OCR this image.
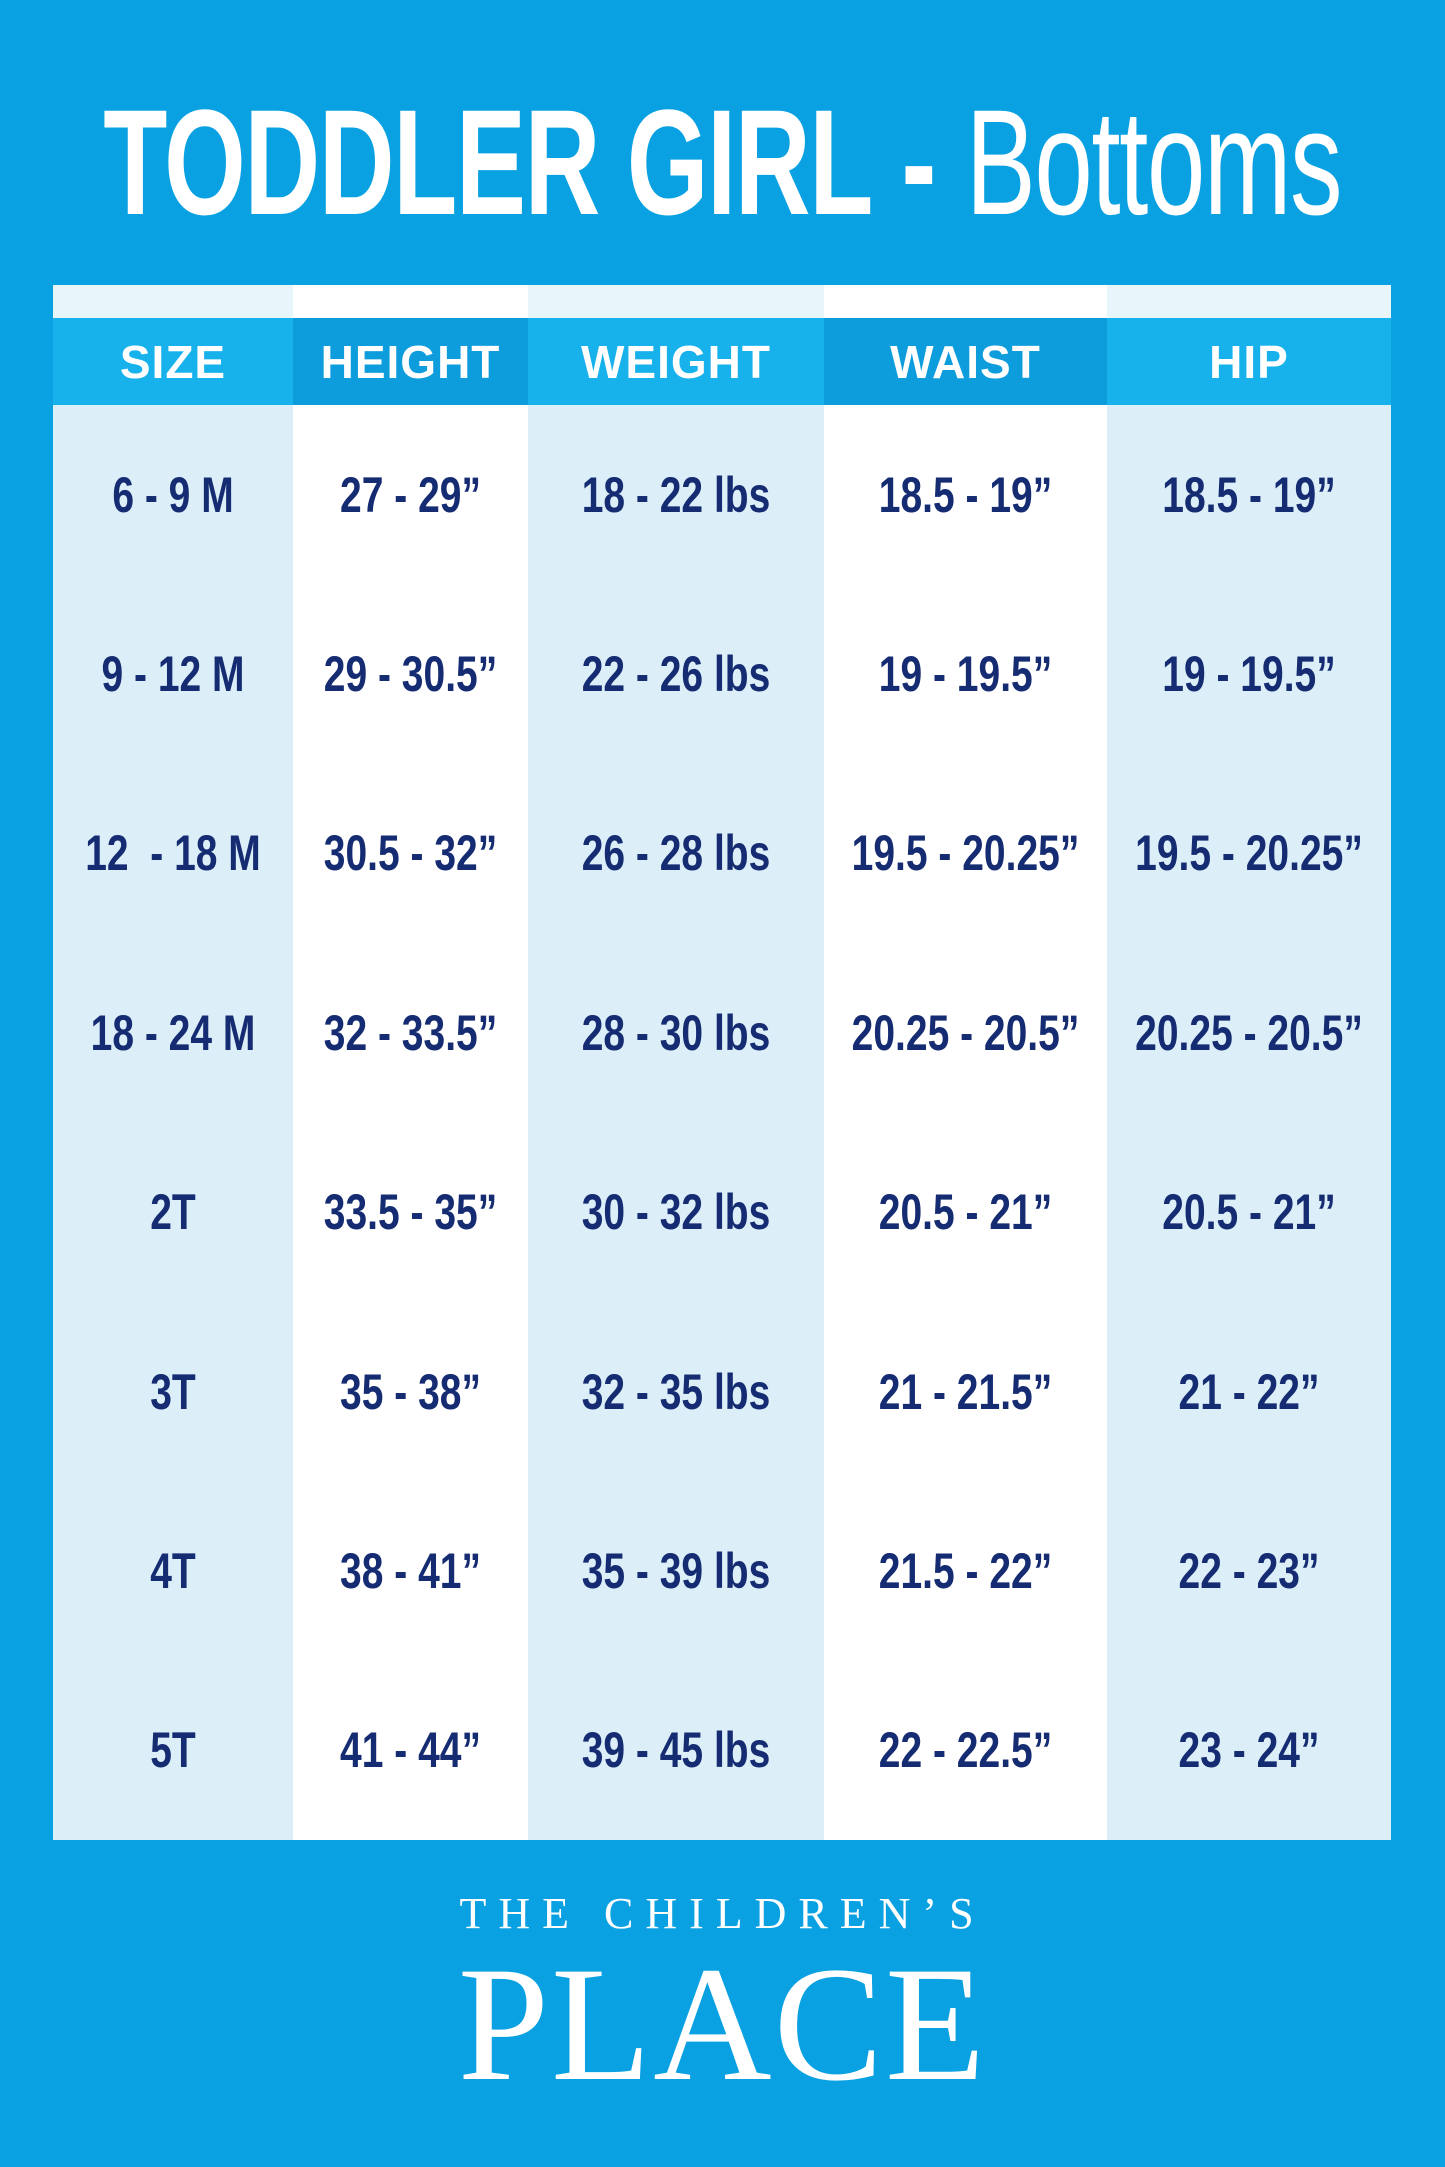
TODDLER GIRL - Bottoms
SIZE
6 - 9 M
9 - 12 M
12  - 18 M
18 - 24 M
2T
3T
4T
5T
HEIGHT
27 - 29”
29 - 30.5”
30.5 - 32”
32 - 33.5”
33.5 - 35”
35 - 38”
38 - 41”
41 - 44”
WEIGHT
18 - 22 lbs
22 - 26 lbs
26 - 28 lbs
28 - 30 lbs
30 - 32 lbs
32 - 35 lbs
35 - 39 lbs
39 - 45 lbs
WAIST
18.5 - 19”
19 - 19.5”
19.5 - 20.25”
20.25 - 20.5”
20.5 - 21”
21 - 21.5”
21.5 - 22”
22 - 22.5”
HIP
18.5 - 19”
19 - 19.5”
19.5 - 20.25”
20.25 - 20.5”
20.5 - 21”
21 - 22”
22 - 23”
23 - 24”
THE CHILDREN’S
PLACE
